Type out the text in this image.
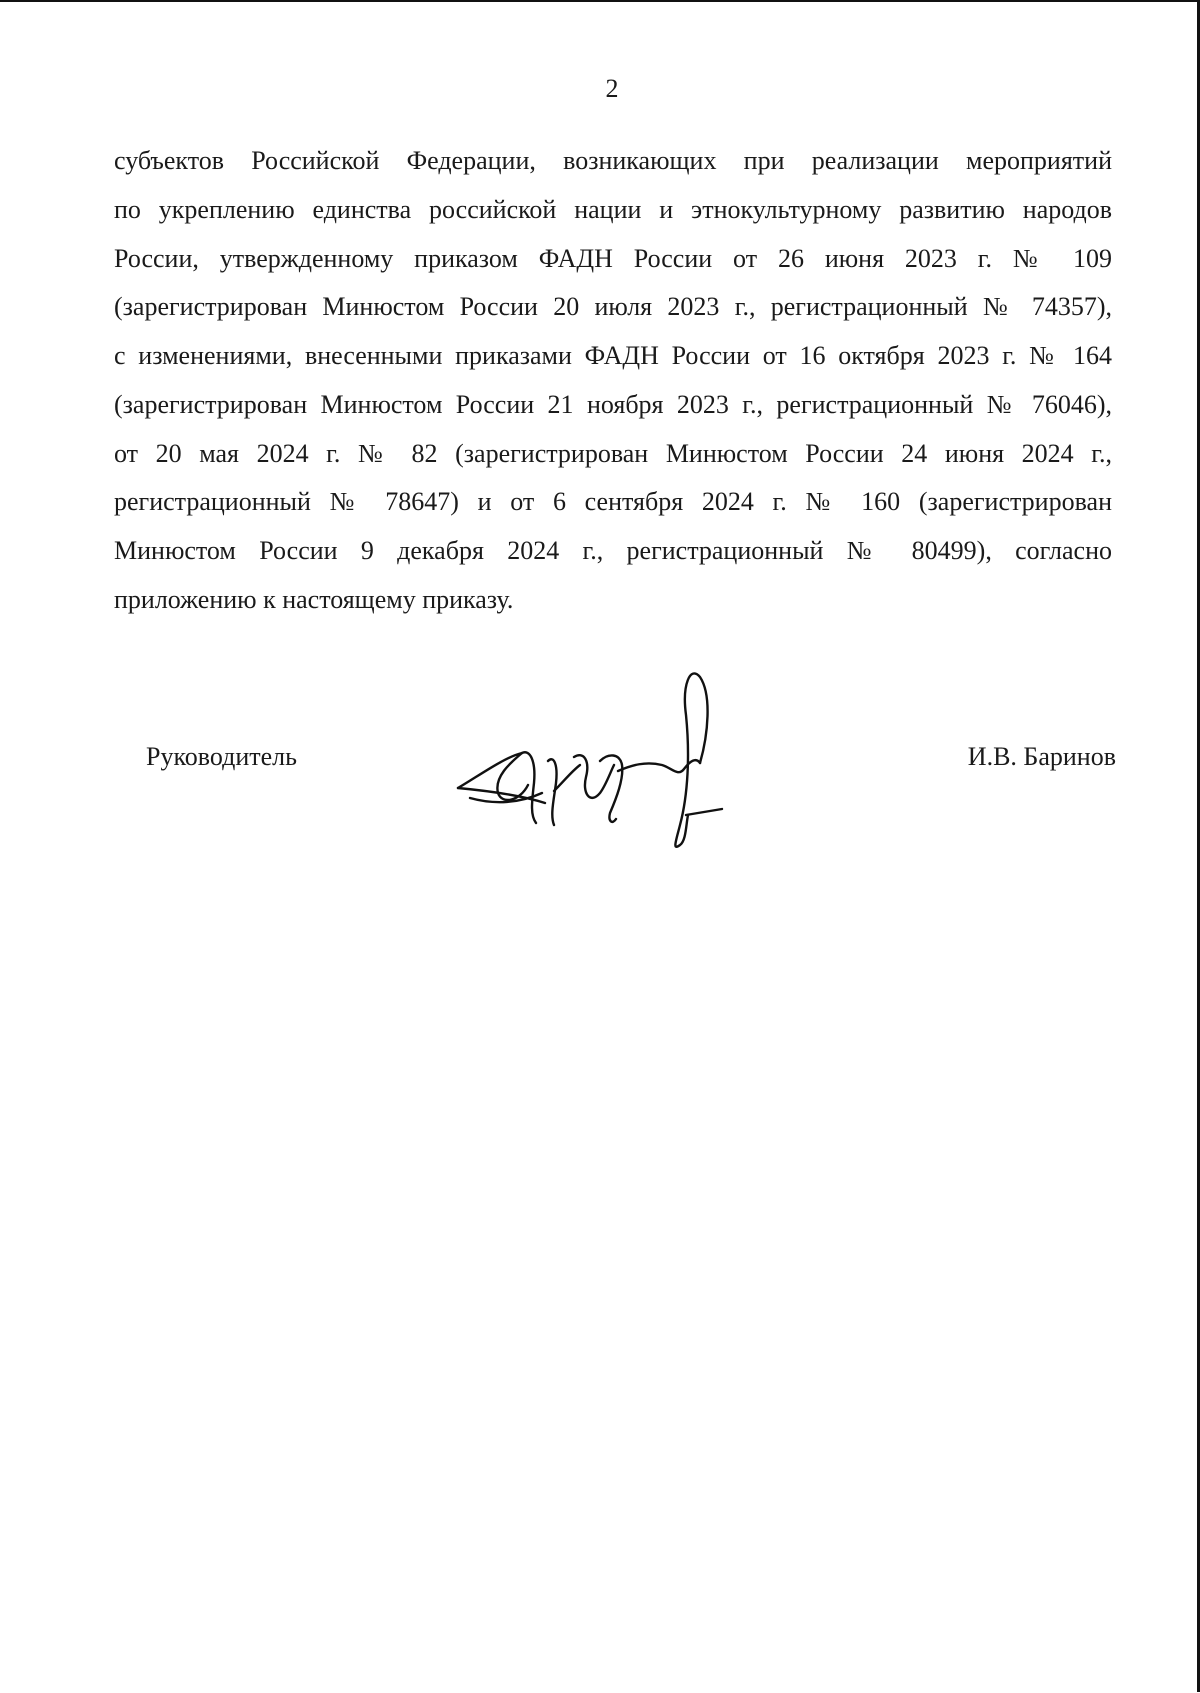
2
субъектов Российской Федерации, возникающих при реализации мероприятий
по укреплению единства российской нации и этнокультурному развитию народов
России, утвержденному приказом ФАДН России от 26 июня 2023 г. № 109
(зарегистрирован Минюстом России 20 июля 2023 г., регистрационный № 74357),
с изменениями, внесенными приказами ФАДН России от 16 октября 2023 г. № 164
(зарегистрирован Минюстом России 21 ноября 2023 г., регистрационный № 76046),
от 20 мая 2024 г. № 82 (зарегистрирован Минюстом России 24 июня 2024 г.,
регистрационный № 78647) и от 6 сентября 2024 г. № 160 (зарегистрирован
Минюстом России 9 декабря 2024 г., регистрационный № 80499), согласно
приложению к настоящему приказу.
Руководитель	И.В. Баринов
